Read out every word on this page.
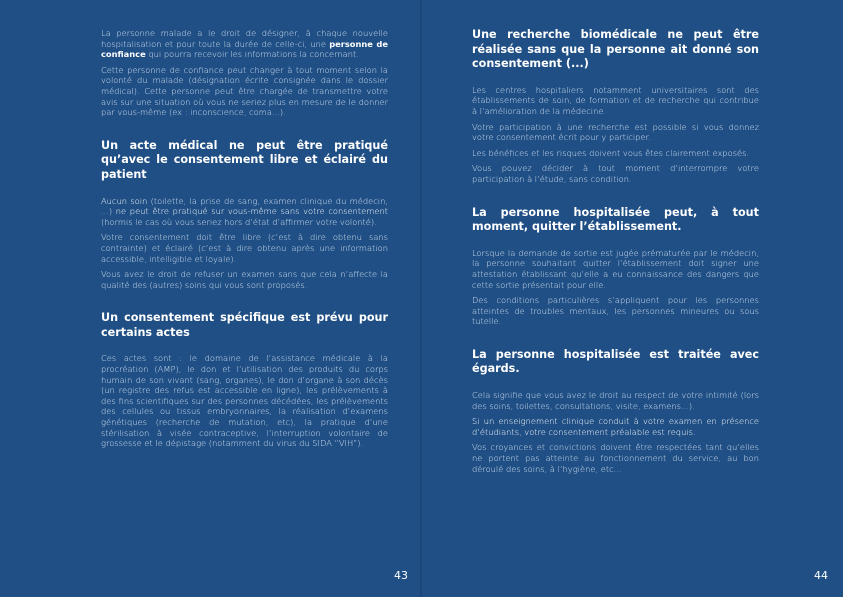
La personne malade a le droit de désigner, à chaque nouvelle hospitalisation et pour toute la durée de celle-ci, une personne de confiance qui pourra recevoir les informations la concernant.

Cette personne de confiance peut changer à tout moment selon la volonté du malade (désignation écrite consignée dans le dossier médical). Cette personne peut être chargée de transmettre votre avis sur une situation où vous ne seriez plus en mesure de le donner par vous-même (ex : inconscience, coma...).

Un acte médical ne peut être pratiqué qu’avec le consentement libre et éclairé du patient

Aucun soin (toilette, la prise de sang, examen clinique du médecin, ...) ne peut être pratiqué sur vous-même sans votre consentement (hormis le cas où vous seriez hors d’état d’affirmer votre volonté).

Votre consentement doit être libre (c’est à dire obtenu sans contrainte) et éclairé (c’est à dire obtenu après une information accessible, intelligible et loyale).

Vous avez le droit de refuser un examen sans que cela n’affecte la qualité des (autres) soins qui vous sont proposés.

Un consentement spécifique est prévu pour certains actes

Ces actes sont : le domaine de l’assistance médicale à la procréation (AMP), le don et l’utilisation des produits du corps humain de son vivant (sang, organes), le don d’organe à son décès (un registre des refus est accessible en ligne), les prélèvements à des fins scientifiques sur des personnes décédées, les prélèvements des cellules ou tissus embryonnaires, la réalisation d’examens génétiques (recherche de mutation, etc), la pratique d’une stérilisation à visée contraceptive, l’interruption volontaire de grossesse et le dépistage (notamment du virus du SIDA “VIH”).

43
Une recherche biomédicale ne peut être réalisée sans que la personne ait donné son consentement (...)

Les centres hospitaliers notamment universitaires sont des établissements de soin, de formation et de recherche qui contribue à l’amélioration de la médecine.

Votre participation à une recherche est possible si vous donnez votre consentement écrit pour y participer.

Les bénéfices et les risques doivent vous êtes clairement exposés.

Vous pouvez décider à tout moment d’interrompre votre participation à l’étude, sans condition.

La personne hospitalisée peut, à tout moment, quitter l’établissement.

Lorsque la demande de sortie est jugée prématurée par le médecin, la personne souhaitant quitter l’établissement doit signer une attestation établissant qu’elle a eu connaissance des dangers que cette sortie présentait pour elle.

Des conditions particulières s’appliquent pour les personnes atteintes de troubles mentaux, les personnes mineures ou sous tutelle.

La personne hospitalisée est traitée avec égards.

Cela signifie que vous avez le droit au respect de votre intimité (lors des soins, toilettes, consultations, visite, examens...).

Si un enseignement clinique conduit à votre examen en présence d’étudiants, votre consentement préalable est requis.

Vos croyances et convictions doivent être respectées tant qu’elles ne portent pas atteinte au fonctionnement du service, au bon déroulé des soins, à l’hygiène, etc...

44
